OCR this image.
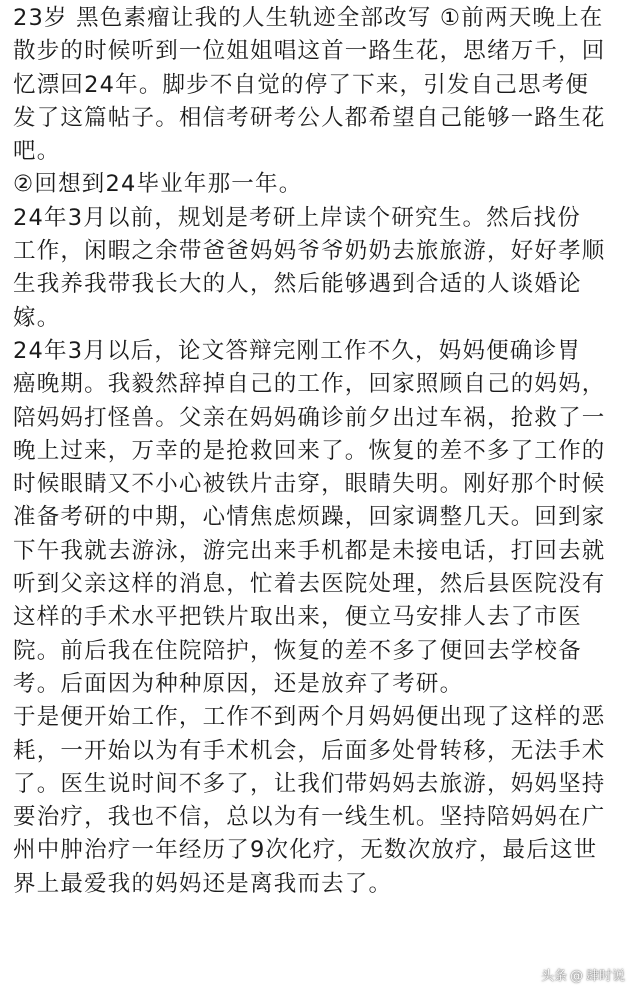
23岁 黑色素瘤让我的人生轨迹全部改写 ①前两天晚上在
散步的时候听到一位姐姐唱这首一路生花，思绪万千，回
忆漂回24年。脚步不自觉的停了下来，引发自己思考便
发了这篇帖子。相信考研考公人都希望自己能够一路生花
吧。
②回想到24毕业年那一年。
24年3月以前，规划是考研上岸读个研究生。然后找份
工作，闲暇之余带爸爸妈妈爷爷奶奶去旅旅游，好好孝顺
生我养我带我长大的人，然后能够遇到合适的人谈婚论
嫁。
24年3月以后，论文答辩完刚工作不久，妈妈便确诊胃
癌晚期。我毅然辞掉自己的工作，回家照顾自己的妈妈，
陪妈妈打怪兽。父亲在妈妈确诊前夕出过车祸，抢救了一
晚上过来，万幸的是抢救回来了。恢复的差不多了工作的
时候眼睛又不小心被铁片击穿，眼睛失明。刚好那个时候
准备考研的中期，心情焦虑烦躁，回家调整几天。回到家
下午我就去游泳，游完出来手机都是未接电话，打回去就
听到父亲这样的消息，忙着去医院处理，然后县医院没有
这样的手术水平把铁片取出来，便立马安排人去了市医
院。前后我在住院陪护，恢复的差不多了便回去学校备
考。后面因为种种原因，还是放弃了考研。
于是便开始工作，工作不到两个月妈妈便出现了这样的恶
耗，一开始以为有手术机会，后面多处骨转移，无法手术
了。医生说时间不多了，让我们带妈妈去旅游，妈妈坚持
要治疗，我也不信，总以为有一线生机。坚持陪妈妈在广
州中肿治疗一年经历了9次化疗，无数次放疗，最后这世
界上最爱我的妈妈还是离我而去了。
头条 @ 肆时说
